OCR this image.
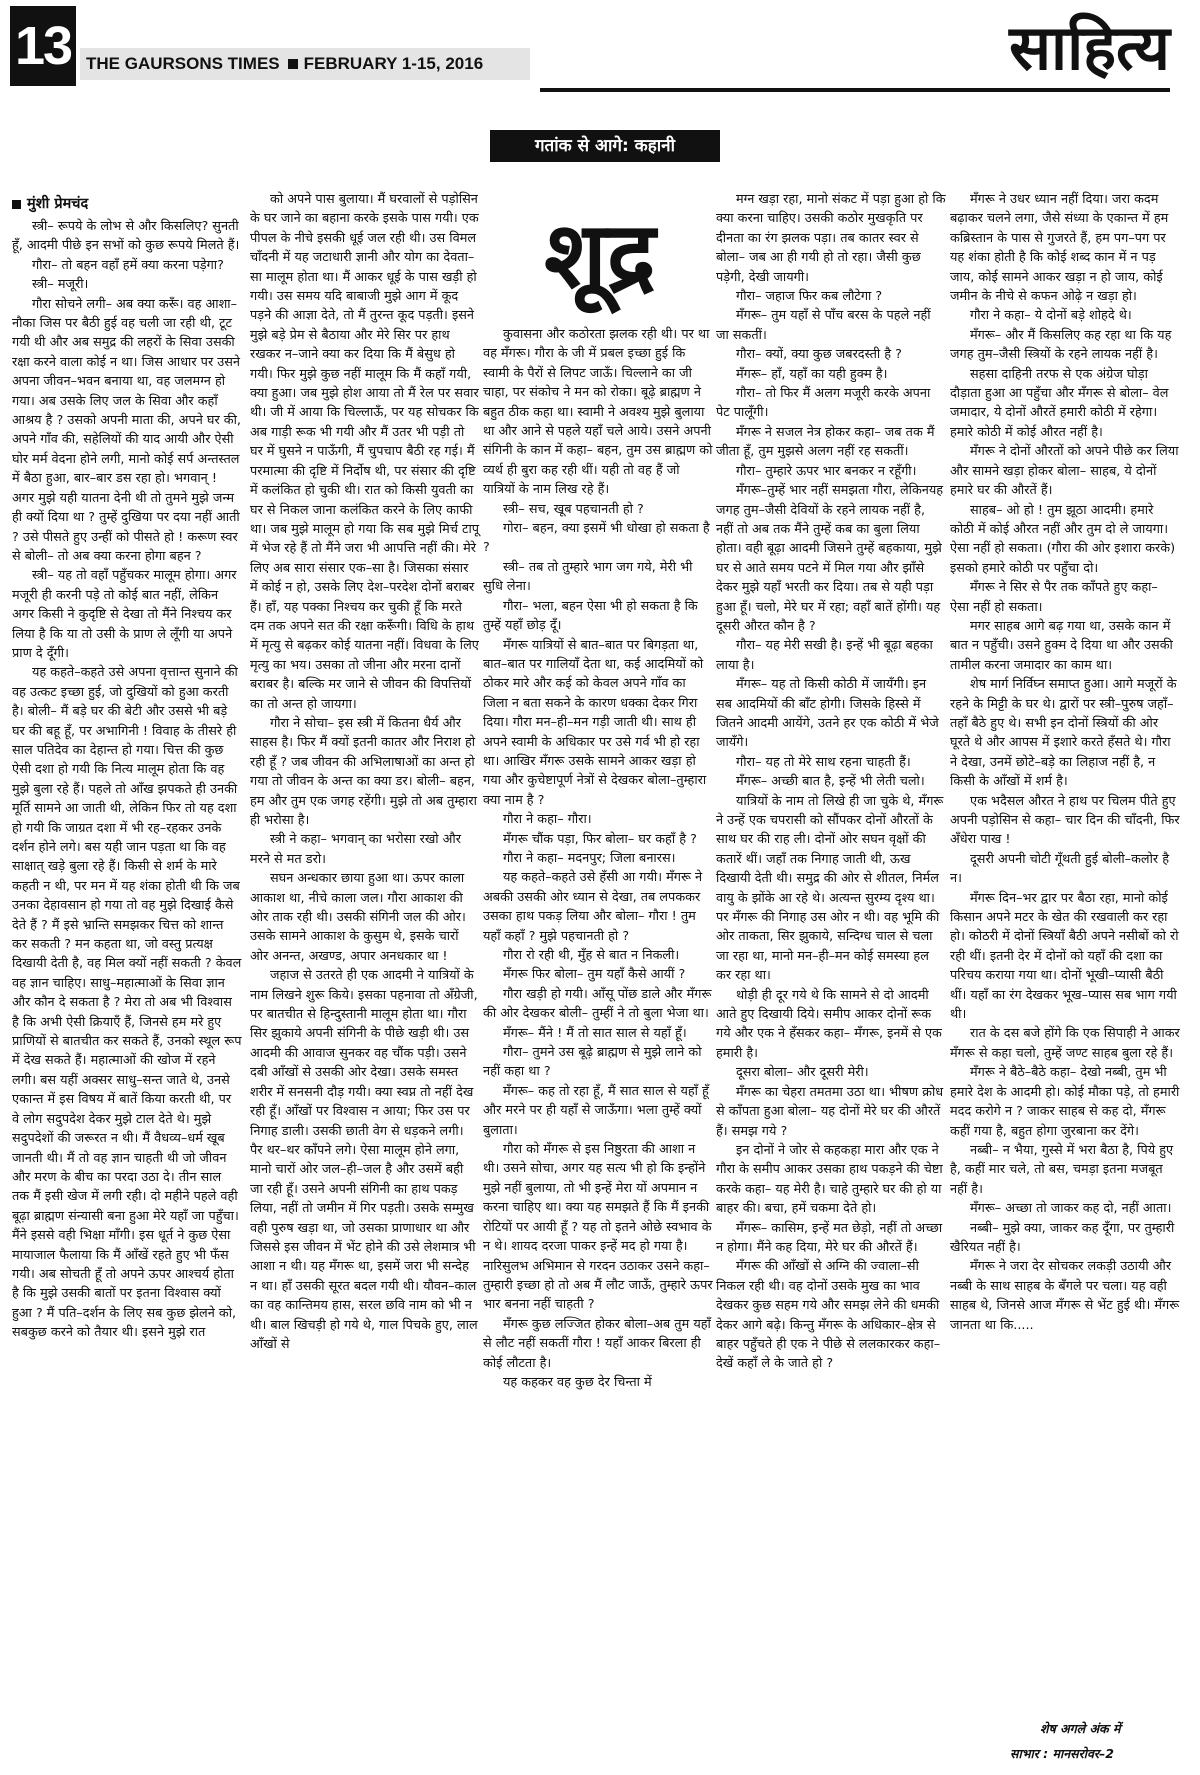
13 THE GAURSONS TIMES FEBRUARY 1-15, 2016	साहित्य
गतांक से आगे: कहानी
शूद्र
मुंशी प्रेमचंद

स्त्री– रूपये के लोभ से और किसलिए? सुनती हूँ, आदमी पीछे इन सभों को कुछ रूपये मिलते हैं।

गौरा– तो बहन वहाँ हमें क्या करना पड़ेगा?

स्त्री– मजूरी।

गौरा सोचने लगी– अब क्या करूँ। वह आशा–नौका जिस पर बैठी हुई वह चली जा रही थी, टूट गयी थी और अब समुद्र की लहरों के सिवा उसकी रक्षा करने वाला कोई न था। जिस आधार पर उसने अपना जीवन–भवन बनाया था, वह जलमग्न हो गया। अब उसके लिए जल के सिवा और कहाँ आश्रय है ? उसको अपनी माता की, अपने घर की, अपने गाँव की, सहेलियों की याद आयी और ऐसी घोर मर्म वेदना होने लगी, मानो कोई सर्प अन्तस्तल में बैठा हुआ, बार–बार डस रहा हो। भगवान् ! अगर मुझे यही यातना देनी थी तो तुमने मुझे जन्म ही क्यों दिया था ? तुम्हें दुखिया पर दया नहीं आती ? उसे पीसते हुए उन्हीं को पीसते हो ! करूण स्वर से बोली– तो अब क्या करना होगा बहन ?

स्त्री– यह तो वहाँ पहुँचकर मालूम होगा। अगर मजूरी ही करनी पड़े तो कोई बात नहीं, लेकिन अगर किसी ने कुदृष्टि से देखा तो मैंने निश्चय कर लिया है कि या तो उसी के प्राण ले लूँगी या अपने प्राण दे दूँगी।

यह कहते–कहते उसे अपना वृत्तान्त सुनाने की वह उत्कट इच्छा हुई, जो दुखियों को हुआ करती है। बोली– मैं बड़े घर की बेटी और उससे भी बड़े घर की बहू हूँ, पर अभागिनी ! विवाह के तीसरे ही साल पतिदेव का देहान्त हो गया। चित्त की कुछ ऐसी दशा हो गयी कि नित्य मालूम होता कि वह मुझे बुला रहे हैं। पहले तो आँख झपकते ही उनकी मूर्ति सामने आ जाती थी, लेकिन फिर तो यह दशा हो गयी कि जाग्रत दशा में भी रह–रहकर उनके दर्शन होने लगे। बस यही जान पड़ता था कि वह साक्षात् खड़े बुला रहे हैं। किसी से शर्म के मारे कहती न थी, पर मन में यह शंका होती थी कि जब उनका देहावसान हो गया तो वह मुझे दिखाई कैसे देते हैं ? मैं इसे भ्रान्ति समझकर चित्त को शान्त कर सकती ? मन कहता था, जो वस्तु प्रत्यक्ष दिखायी देती है, वह मिल क्यों नहीं सकती ? केवल वह ज्ञान चाहिए। साधु–महात्माओं के सिवा ज्ञान और कौन दे सकता है ? मेरा तो अब भी विश्वास है कि अभी ऐसी क्रियाएँ हैं, जिनसे हम मरे हुए प्राणियों से बातचीत कर सकते हैं, उनको स्थूल रूप में देख सकते हैं। महात्माओं की खोज में रहने लगी। बस यहीं अक्सर साधु–सन्त जाते थे, उनसे एकान्त में इस विषय में बातें किया करती थी, पर वे लोग सदुपदेश देकर मुझे टाल देते थे। मुझे सदुपदेशों की जरूरत न थी। मैं वैधव्य–धर्म खूब जानती थी। मैं तो वह ज्ञान चाहती थी जो जीवन और मरण के बीच का परदा उठा दे। तीन साल तक मैं इसी खेज में लगी रही। दो महीने पहले वही बूढ़ा ब्राह्मण संन्यासी बना हुआ मेरे यहाँ जा पहुँचा। मैंने इससे वही भिक्षा माँगी। इस धूर्त ने कुछ ऐसा मायाजाल फैलाया कि मैं आँखें रहते हुए भी फँस गयी। अब सोचती हूँ तो अपने ऊपर आश्चर्य होता है कि मुझे उसकी बातों पर इतना विश्वास क्यों हुआ ? मैं पति–दर्शन के लिए सब कुछ झेलने को, सबकुछ करने को तैयार थी। इसने मुझे रात

को अपने पास बुलाया। मैं घरवालों से पड़ोसिन के घर जाने का बहाना करके इसके पास गयी। एक पीपल के नीचे इसकी धूई जल रही थी। उस विमल चाँदनी में यह जटाधारी ज्ञानी और योग का देवता–सा मालूम होता था। मैं आकर धूई के पास खड़ी हो गयी। उस समय यदि बाबाजी मुझे आग में कूद पड़ने की आज्ञा देते, तो मैं तुरन्त कूद पड़ती। इसने मुझे बड़े प्रेम से बैठाया और मेरे सिर पर हाथ रखकर न–जाने क्या कर दिया कि मैं बेसुध हो गयी। फिर मुझे कुछ नहीं मालूम कि मैं कहाँ गयी, क्या हुआ। जब मुझे होश आया तो मैं रेल पर सवार थी। जी में आया कि चिल्लाऊँ, पर यह सोचकर कि अब गाड़ी रूक भी गयी और मैं उतर भी पड़ी तो घर में घुसने न पाऊँगी, मैं चुपचाप बैठी रह गई। मैं परमात्मा की दृष्टि में निर्दोष थी, पर संसार की दृष्टि में कलंकित हो चुकी थी। रात को किसी युवती का घर से निकल जाना कलंकित करने के लिए काफी था। जब मुझे मालूम हो गया कि सब मुझे मिर्च टापू में भेज रहे हैं तो मैंने जरा भी आपत्ति नहीं की। मेरे लिए अब सारा संसार एक–सा है। जिसका संसार में कोई न हो, उसके लिए देश–परदेश दोनों बराबर हैं। हाँ, यह पक्का निश्चय कर चुकी हूँ कि मरते दम तक अपने सत की रक्षा करूँगी। विधि के हाथ में मृत्यु से बढ़कर कोई यातना नहीं। विधवा के लिए मृत्यु का भय। उसका तो जीना और मरना दानों बराबर है। बल्कि मर जाने से जीवन की विपत्तियों का तो अन्त हो जायगा।

गौरा ने सोचा– इस स्त्री में कितना धैर्य और साहस है। फिर मैं क्यों इतनी कातर और निराश हो रही हूँ ? जब जीवन की अभिलाषाओं का अन्त हो गया तो जीवन के अन्त का क्या डर। बोली– बहन, हम और तुम एक जगह रहेंगी। मुझे तो अब तुम्हारा ही भरोसा है।

स्त्री ने कहा– भगवान् का भरोसा रखो और मरने से मत डरो।

सघन अन्धकार छाया हुआ था। ऊपर काला आकाश था, नीचे काला जल। गौरा आकाश की ओर ताक रही थी। उसकी संगिनी जल की ओर। उसके सामने आकाश के कुसुम थे, इसके चारों ओर अनन्त, अखण्ड, अपार अनधकार था !

जहाज से उतरते ही एक आदमी ने यात्रियों के नाम लिखने शुरू किये। इसका पहनावा तो अँग्रेजी, पर बातचीत से हिन्दुस्तानी मालूम होता था। गौरा सिर झुकाये अपनी संगिनी के पीछे खड़ी थी। उस आदमी की आवाज सुनकर वह चौंक पड़ी। उसने दबी आँखों से उसकी ओर देखा। उसके समस्त शरीर में सनसनी दौड़ गयी। क्या स्वप्न तो नहीं देख रही हूँ। आँखों पर विश्वास न आया; फिर उस पर निगाह डाली। उसकी छाती वेग से धड़कने लगी। पैर थर–थर काँपने लगे। ऐसा मालूम होने लगा, मानो चारों ओर जल–ही–जल है और उसमें बही जा रही हूँ। उसने अपनी संगिनी का हाथ पकड़ लिया, नहीं तो जमीन में गिर पड़ती। उसके सम्मुख वही पुरुष खड़ा था, जो उसका प्राणाधार था और जिससे इस जीवन में भेंट होने की उसे लेशमात्र भी आशा न थी। यह मँगरू था, इसमें जरा भी सन्देह न था। हाँ उसकी सूरत बदल गयी थी। यौवन–काल का वह कान्तिमय हास, सरल छवि नाम को भी न थी। बाल खिचड़ी हो गये थे, गाल पिचके हुए, लाल आँखों से

कुवासना और कठोरता झलक रही थी। पर था वह मँगरू। गौरा के जी में प्रबल इच्छा हुई कि स्वामी के पैरों से लिपट जाऊँ। चिल्लाने का जी चाहा, पर संकोच ने मन को रोका। बूढ़े ब्राह्मण ने बहुत ठीक कहा था। स्वामी ने अवश्य मुझे बुलाया था और आने से पहले यहाँ चले आये। उसने अपनी संगिनी के कान में कहा– बहन, तुम उस ब्राह्मण को व्यर्थ ही बुरा कह रही थीं। यही तो वह हैं जो यात्रियों के नाम लिख रहे हैं।

स्त्री– सच, खूब पहचानती हो ?

गोरा– बहन, क्या इसमें भी धोखा हो सकता है ?

स्त्री– तब तो तुम्हारे भाग जग गये, मेरी भी सुधि लेना।

गौरा– भला, बहन ऐसा भी हो सकता है कि तुम्हें यहाँ छोड़ दूँ।

मँगरू यात्रियों से बात–बात पर बिगड़ता था, बात–बात पर गालियाँ देता था, कई आदमियों को ठोकर मारे और कई को केवल अपने गाँव का जिला न बता सकने के कारण धक्का देकर गिरा दिया। गौरा मन–ही–मन गड़ी जाती थी। साथ ही अपने स्वामी के अधिकार पर उसे गर्व भी हो रहा था। आखिर मँगरू उसके सामने आकर खड़ा हो गया और कुचेष्टापूर्ण नेत्रों से देखकर बोला–तुम्हारा क्या नाम है ?

गौरा ने कहा– गौरा।

मँगरू चौंक पड़ा, फिर बोला– घर कहाँ है ?

गौरा ने कहा– मदनपुर; जिला बनारस।

यह कहते–कहते उसे हँसी आ गयी। मँगरू ने अबकी उसकी ओर ध्यान से देखा, तब लपककर उसका हाथ पकड़ लिया और बोला– गौरा ! तुम यहाँ कहाँ ? मुझे पहचानती हो ?

गौरा रो रही थी, मुँह से बात न निकली।

मँगरू फिर बोला– तुम यहाँ कैसे आयीं ?

गौरा खड़ी हो गयी। आँसू पोंछ डाले और मँगरू की ओर देखकर बोली– तुम्हीं ने तो बुला भेजा था।

मँगरू– मैंने ! मैं तो सात साल से यहाँ हूँ।

गौरा– तुमने उस बूढ़े ब्राह्मण से मुझे लाने को नहीं कहा था ?

मँगरू– कह तो रहा हूँ, मैं सात साल से यहाँ हूँ और मरने पर ही यहाँ से जाऊँगा। भला तुम्हें क्यों बुलाता।

गौरा को मँगरू से इस निष्ठुरता की आशा न थी। उसने सोचा, अगर यह सत्य भी हो कि इन्होंने मुझे नहीं बुलाया, तो भी इन्हें मेरा यों अपमान न करना चाहिए था। क्या यह समझते हैं कि मैं इनकी रोटियों पर आयी हूँ ? यह तो इतने ओछे स्वभाव के न थे। शायद दरजा पाकर इन्हें मद हो गया है। नारिसुलभ अभिमान से गरदन उठाकर उसने कहा– तुम्हारी इच्छा हो तो अब मैं लौट जाऊँ, तुम्हारे ऊपर भार बनना नहीं चाहती ?

मँगरू कुछ लज्जित होकर बोला–अब तुम यहाँ से लौट नहीं सकतीं गौरा ! यहाँ आकर बिरला ही कोई लौटता है।

यह कहकर वह कुछ देर चिन्ता में

मग्न खड़ा रहा, मानो संकट में पड़ा हुआ हो कि क्या करना चाहिए। उसकी कठोर मुखकृति पर दीनता का रंग झलक पड़ा। तब कातर स्वर से बोला– जब आ ही गयी हो तो रहा। जैसी कुछ पड़ेगी, देखी जायगी।

गौरा– जहाज फिर कब लौटेगा ?

मँगरू– तुम यहाँ से पाँच बरस के पहले नहीं जा सकतीं।

गौरा– क्यों, क्या कुछ जबरदस्ती है ?

मँगरू– हाँ, यहाँ का यही हुक्म है।

गौरा– तो फिर मैं अलग मजूरी करके अपना पेट पालूँगी।

मँगरू ने सजल नेत्र होकर कहा– जब तक मैं जीता हूँ, तुम मुझसे अलग नहीं रह सकतीं।

गौरा– तुम्हारे ऊपर भार बनकर न रहूँगी।

मँगरू–तुम्हें भार नहीं समझता गौरा, लेकिनयह जगह तुम–जैसी देवियों के रहने लायक नहीं है, नहीं तो अब तक मैंने तुम्हें कब का बुला लिया होता। वही बूढ़ा आदमी जिसने तुम्हें बहकाया, मुझे घर से आते समय पटने में मिल गया और झाँसे देकर मुझे यहाँ भरती कर दिया। तब से यही पड़ा हुआ हूँ। चलो, मेरे घर में रहा; वहाँ बातें होंगी। यह दूसरी औरत कौन है ?

गौरा– यह मेरी सखी है। इन्हें भी बूढ़ा बहका लाया है।

मँगरू– यह तो किसी कोठी में जायँगी। इन सब आदमियों की बाँट होगी। जिसके हिस्से में जितने आदमी आयेंगे, उतने हर एक कोठी में भेजे जायँगे।

गौरा– यह तो मेरे साथ रहना चाहती हैं।

मँगरू– अच्छी बात है, इन्हें भी लेती चलो।

यात्रियों के नाम तो लिखे ही जा चुके थे, मँगरू ने उन्हें एक चपरासी को सौंपकर दोनों औरतों के साथ घर की राह ली। दोनों ओर सघन वृक्षों की कतारें थीं। जहाँ तक निगाह जाती थी, ऊख दिखायी देती थी। समुद्र की ओर से शीतल, निर्मल वायु के झोंके आ रहे थे। अत्यन्त सुरम्य दृश्य था। पर मँगरू की निगाह उस ओर न थी। वह भूमि की ओर ताकता, सिर झुकाये, सन्दिग्ध चाल से चला जा रहा था, मानो मन–ही–मन कोई समस्या हल कर रहा था।

थोड़ी ही दूर गये थे कि सामने से दो आदमी आते हुए दिखायी दिये। समीप आकर दोनों रूक गये और एक ने हँसकर कहा– मँगरू, इनमें से एक हमारी है।

दूसरा बोला– और दूसरी मेरी।

मँगरू का चेहरा तमतमा उठा था। भीषण क्रोध से काँपता हुआ बोला– यह दोनों मेरे घर की औरतें हैं। समझ गये ?

इन दोनों ने जोर से कहकहा मारा और एक ने गौरा के समीप आकर उसका हाथ पकड़ने की चेष्टा करके कहा– यह मेरी है। चाहे तुम्हारे घर की हो या बाहर की। बचा, हमें चकमा देते हो।

मँगरू– कासिम, इन्हें मत छेड़ो, नहीं तो अच्छा न होगा। मैंने कह दिया, मेरे घर की औरतें हैं।

मँगरू की आँखों से अग्नि की ज्वाला–सी निकल रही थी। वह दोनों उसके मुख का भाव देखकर कुछ सहम गये और समझ लेने की धमकी देकर आगे बढ़े। किन्तु मँगरू के अधिकार–क्षेत्र से बाहर पहुँचते ही एक ने पीछे से ललकारकर कहा– देखें कहाँ ले के जाते हो ?

मँगरू ने उधर ध्यान नहीं दिया। जरा कदम बढ़ाकर चलने लगा, जैसे संध्या के एकान्त में हम कब्रिस्तान के पास से गुजरते हैं, हम पग–पग पर यह शंका होती है कि कोई शब्द कान में न पड़ जाय, कोई सामने आकर खड़ा न हो जाय, कोई जमीन के नीचे से कफन ओढ़े न खड़ा हो।

गौरा ने कहा– ये दोनों बड़े शोहदे थे।

मँगरू– और मैं किसलिए कह रहा था कि यह जगह तुम–जैसी स्त्रियों के रहने लायक नहीं है।

सहसा दाहिनी तरफ से एक अंग्रेज घोड़ा दौड़ाता हुआ आ पहुँचा और मँगरू से बोला– वेल जमादार, ये दोनों औरतें हमारी कोठी में रहेगा। हमारे कोठी में कोई औरत नहीं है।

मँगरू ने दोनों औरतों को अपने पीछे कर लिया और सामने खड़ा होकर बोला– साहब, ये दोनों हमारे घर की औरतें हैं।

साहब– ओ हो ! तुम झूठा आदमी। हमारे कोठी में कोई औरत नहीं और तुम दो ले जायगा। ऐसा नहीं हो सकता। (गौरा की ओर इशारा करके) इसको हमारे कोठी पर पहुँचा दो।

मँगरू ने सिर से पैर तक काँपते हुए कहा– ऐसा नहीं हो सकता।

मगर साहब आगे बढ़ गया था, उसके कान में बात न पहुँची। उसने हुक्म दे दिया था और उसकी तामील करना जमादार का काम था।

शेष मार्ग निर्विघ्न समाप्त हुआ। आगे मजूरों के रहने के मिट्टी के घर थे। द्वारों पर स्त्री–पुरुष जहाँ–तहाँ बैठे हुए थे। सभी इन दोनों स्त्रियों की ओर घूरते थे और आपस में इशारे करते हँसते थे। गौरा ने देखा, उनमें छोटे–बड़े का लिहाज नहीं है, न किसी के आँखों में शर्म है।

एक भदैसल औरत ने हाथ पर चिलम पीते हुए अपनी पड़ोसिन से कहा– चार दिन की चाँदनी, फिर अँधेरा पाख !

दूसरी अपनी चोटी गूँथती हुई बोली–कलोर है न।

मँगरू दिन–भर द्वार पर बैठा रहा, मानो कोई किसान अपने मटर के खेत की रखवाली कर रहा हो। कोठरी में दोनों स्त्रियाँ बैठी अपने नसीबों को रो रही थीं। इतनी देर में दोनों को यहाँ की दशा का परिचय कराया गया था। दोनों भूखी–प्यासी बैठी थीं। यहाँ का रंग देखकर भूख–प्यास सब भाग गयी थी।

रात के दस बजे होंगे कि एक सिपाही ने आकर मँगरू से कहा चलो, तुम्हें जण्ट साहब बुला रहे हैं।

मँगरू ने बैठे–बैठे कहा– देखो नब्बी, तुम भी हमारे देश के आदमी हो। कोई मौका पड़े, तो हमारी मदद करोगे न ? जाकर साहब से कह दो, मँगरू कहीं गया है, बहुत होगा जुरबाना कर देंगे।

नब्बी– न भैया, गुस्से में भरा बैठा है, पिये हुए है, कहीं मार चले, तो बस, चमड़ा इतना मजबूत नहीं है।

मँगरू– अच्छा तो जाकर कह दो, नहीं आता।

नब्बी– मुझे क्या, जाकर कह दूँगा, पर तुम्हारी खैरियत नहीं है।

मँगरू ने जरा देर सोचकर लकड़ी उठायी और नब्बी के साथ साहब के बँगले पर चला। यह वही साहब थे, जिनसे आज मँगरू से भेंट हुई थी। मँगरू जानता था कि.....

शेष अगले अंक में
साभार : मानसरोवर–2
